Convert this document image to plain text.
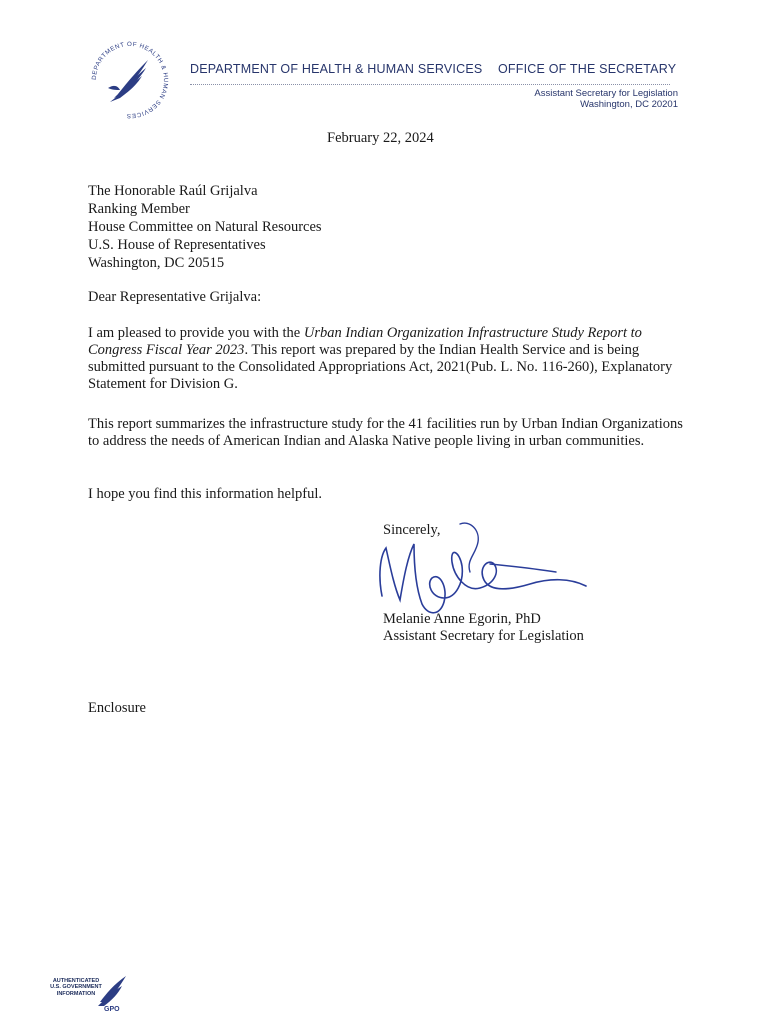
DEPARTMENT OF HEALTH & HUMAN SERVICES
DEPARTMENT OF HEALTH & HUMAN SERVICES OFFICE OF THE SECRETARY
Assistant Secretary for Legislation
Washington, DC 20201
February 22, 2024
The Honorable Raúl Grijalva
Ranking Member
House Committee on Natural Resources
U.S. House of Representatives
Washington, DC 20515
Dear Representative Grijalva:
I am pleased to provide you with the Urban Indian Organization Infrastructure Study Report to Congress Fiscal Year 2023. This report was prepared by the Indian Health Service and is being submitted pursuant to the Consolidated Appropriations Act, 2021(Pub. L. No. 116-260), Explanatory Statement for Division G.
This report summarizes the infrastructure study for the 41 facilities run by Urban Indian Organizations to address the needs of American Indian and Alaska Native people living in urban communities.
I hope you find this information helpful.
Sincerely,
Melanie Anne Egorin, PhD
Assistant Secretary for Legislation
Enclosure
AUTHENTICATED
U.S. GOVERNMENT
INFORMATION
GPO
